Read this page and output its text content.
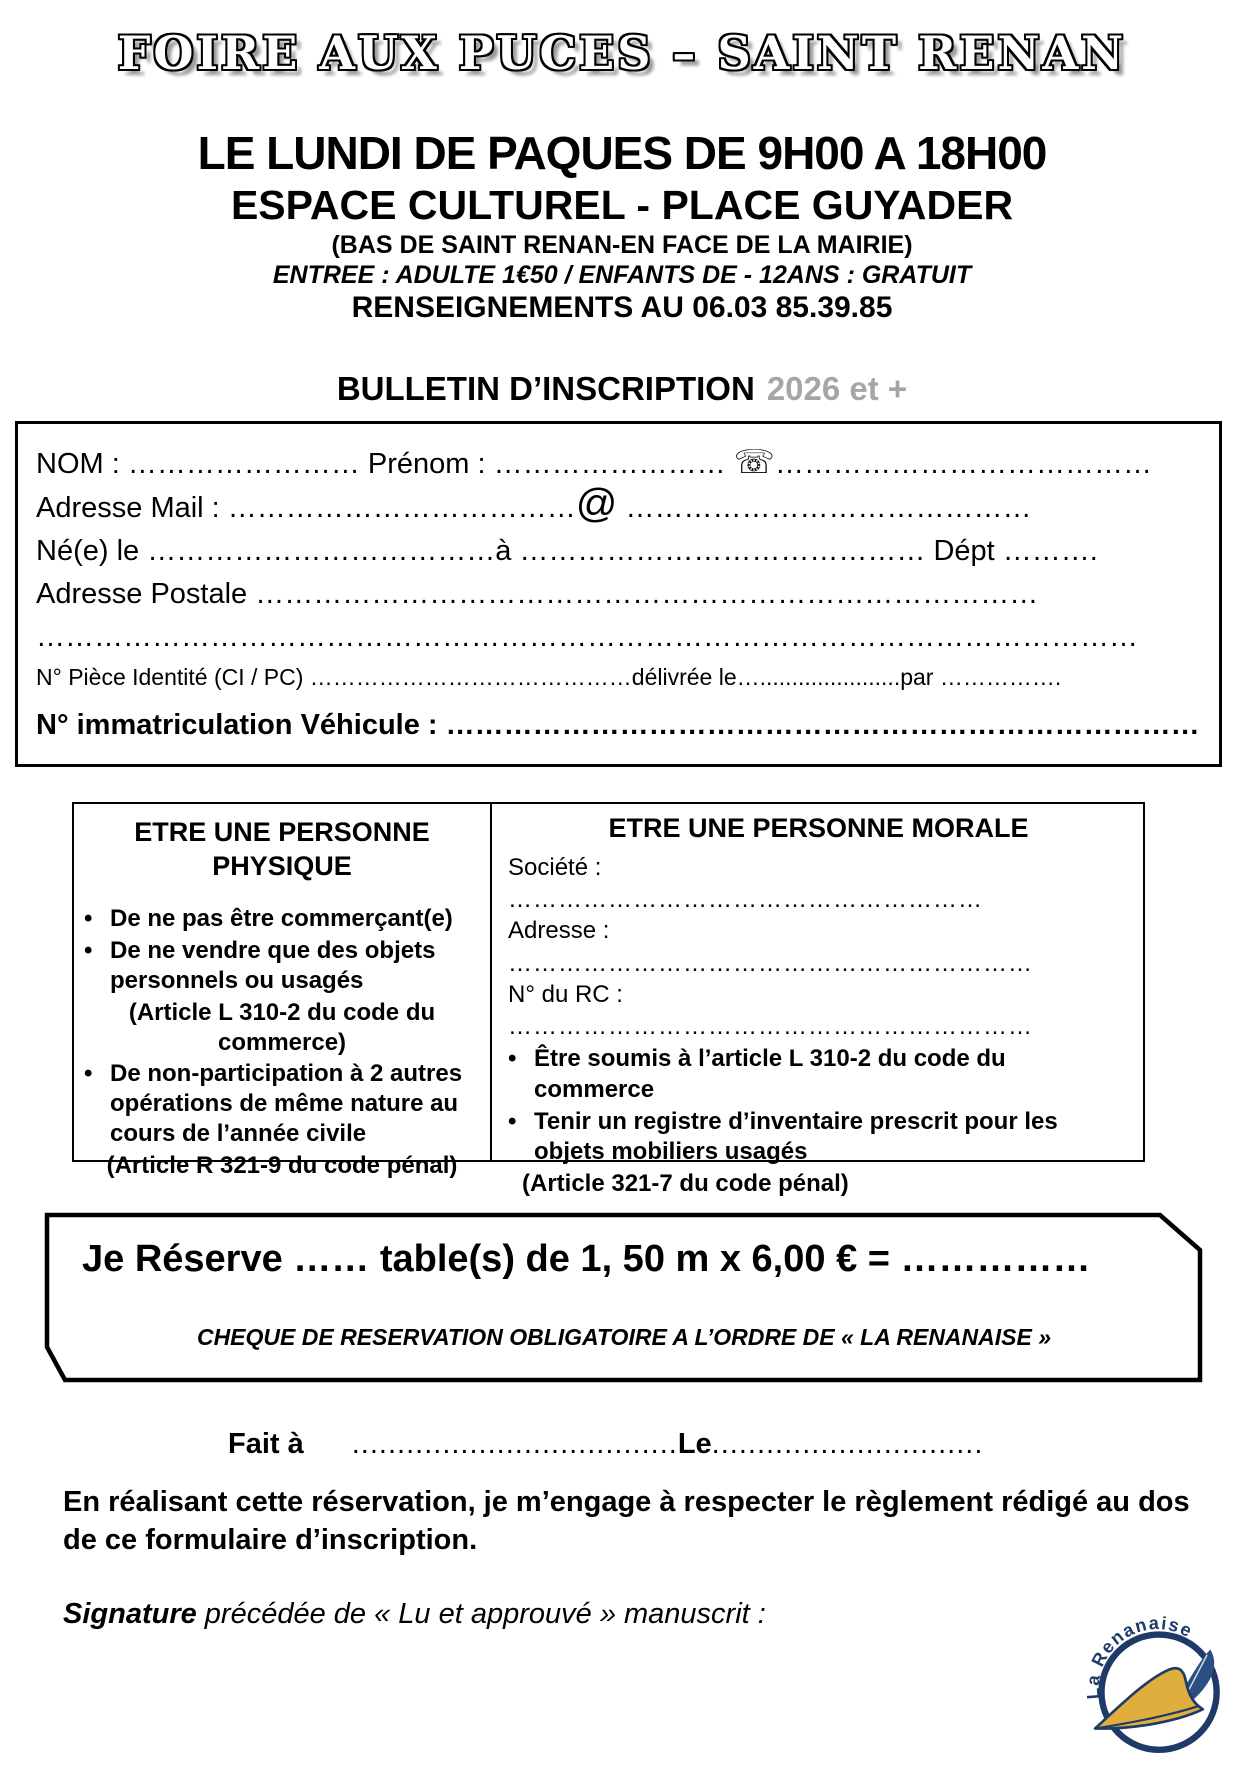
FOIRE AUX PUCES – SAINT RENAN
LE LUNDI DE PAQUES DE 9H00 A 18H00
ESPACE CULTUREL - PLACE GUYADER
(BAS DE SAINT RENAN-EN FACE DE LA MAIRIE)
ENTREE : ADULTE 1€50 / ENFANTS DE - 12ANS : GRATUIT
RENSEIGNEMENTS AU 06.03 85.39.85
BULLETIN D’INSCRIPTION 2026 et +
NOM : …………………… Prénom : …………………… ☏…………………………………
Adresse Mail : ………………………………@ ……………………………………
Né(e) le ………………………………à …………………………………… Dépt ……….
Adresse Postale ………………………………………………………………………
……………………………………………………………………………………………………
N° Pièce Identité (CI / PC) ……………………………………délivrée le…......................par …………….
N° immatriculation Véhicule : ……………………………………………………………………
ETRE UNE PERSONNE PHYSIQUE
• De ne pas être commerçant(e)
• De ne vendre que des objets personnels ou usagés
(Article L 310-2 du code du commerce)
• De non-participation à 2 autres opérations de même nature au cours de l’année civile
(Article R 321-9 du code pénal)
ETRE UNE PERSONNE MORALE
Société :
…………………………………………………
Adresse :
………………………………………………………
N° du RC :
………………………………………………………
• Être soumis à l’article L 310-2 du code du commerce
• Tenir un registre d’inventaire prescrit pour les objets mobiliers usagés
(Article 321-7 du code pénal)
Je Réserve …… table(s) de 1, 50 m x 6,00 € = ……………
CHEQUE DE RESERVATION OBLIGATOIRE A L’ORDRE DE « LA RENANAISE »
Fait à ....................................Le..............................
En réalisant cette réservation, je m’engage à respecter le règlement rédigé au dos de ce formulaire d’inscription.
Signature précédée de « Lu et approuvé » manuscrit :
La Renanaise
